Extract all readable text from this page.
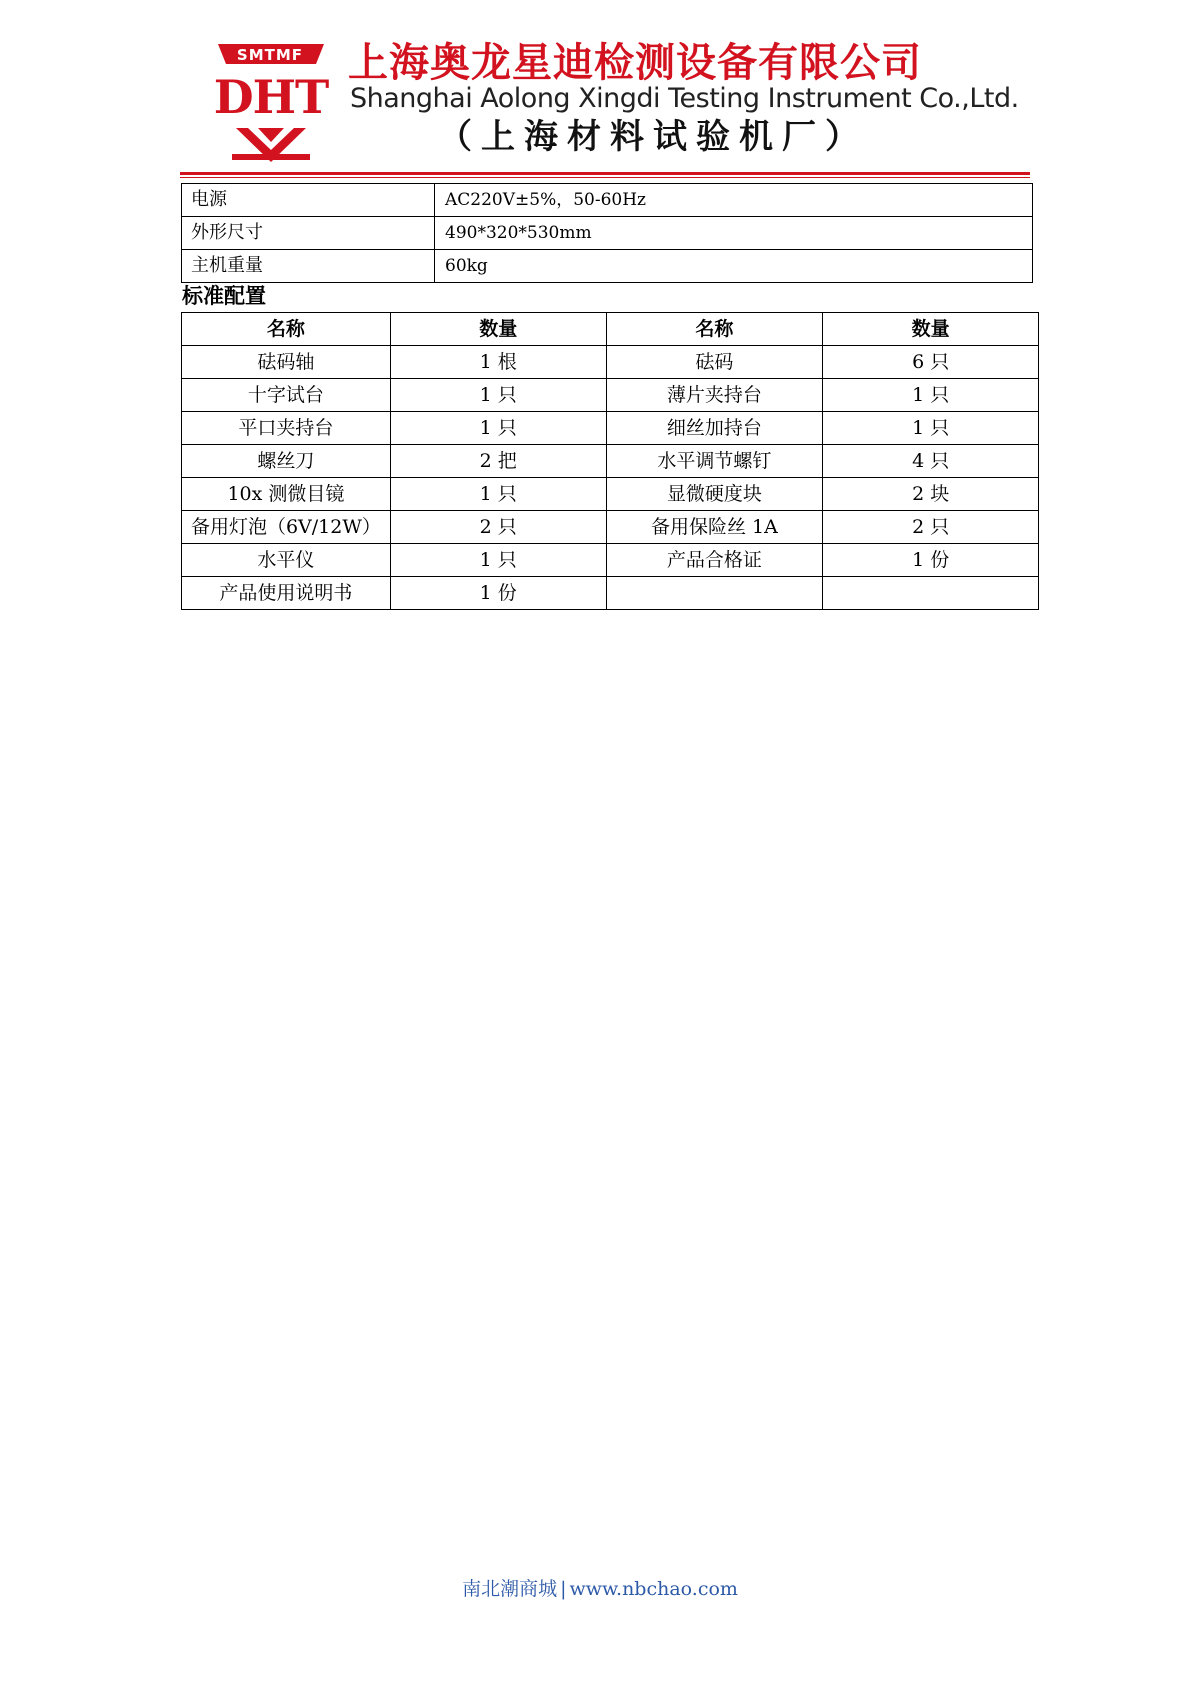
SMTMF
DHT
上海奥龙星迪检测设备有限公司
Shanghai Aolong Xingdi Testing Instrument Co.,Ltd.
（上海材料试验机厂）
电源	AC220V±5%，50-60Hz
外形尺寸	490*320*530mm
主机重量	60kg
标准配置
名称	数量	名称	数量
砝码轴	1 根	砝码	6 只
十字试台	1 只	薄片夹持台	1 只
平口夹持台	1 只	细丝加持台	1 只
螺丝刀	2 把	水平调节螺钉	4 只
10x 测微目镜	1 只	显微硬度块	2 块
备用灯泡（6V/12W）	2 只	备用保险丝 1A	2 只
水平仪	1 只	产品合格证	1 份
产品使用说明书	1 份		
南北潮商城 | www.nbchao.com
